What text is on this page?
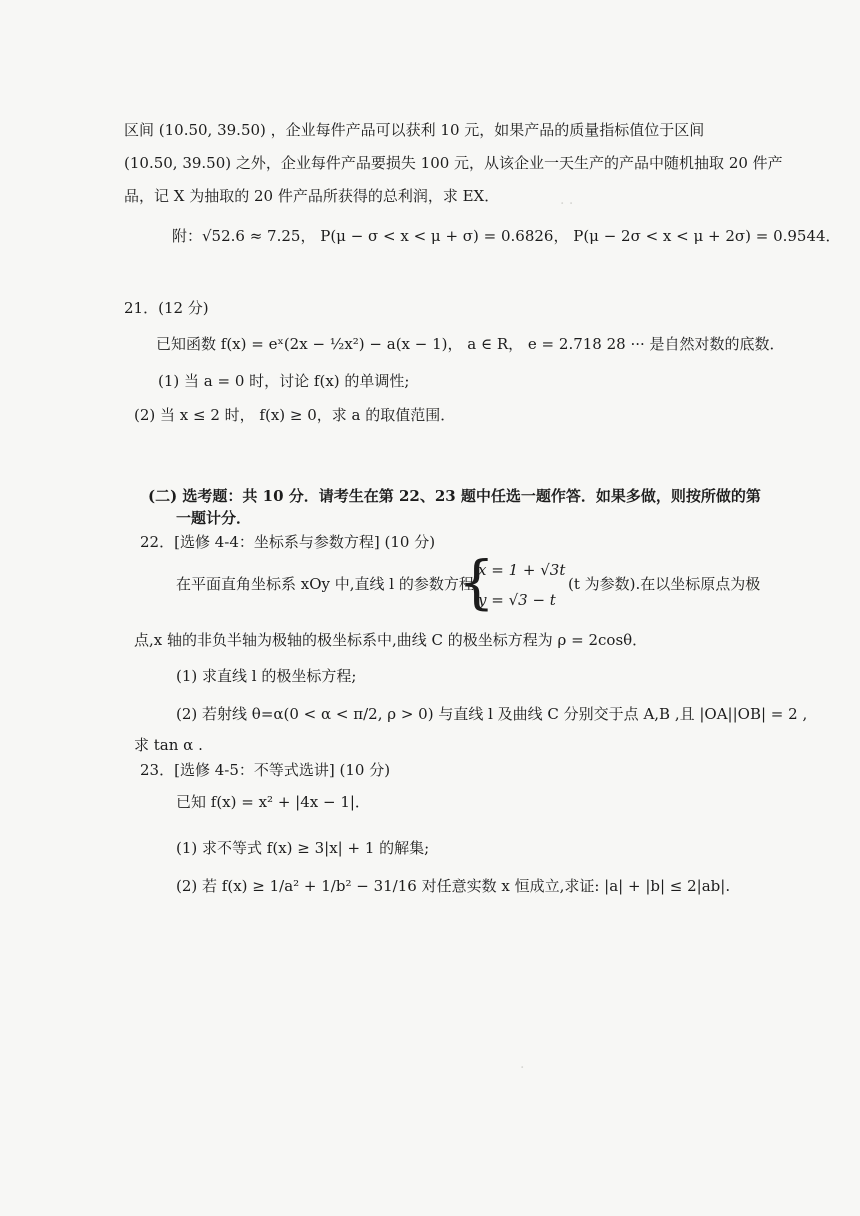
· ·
·
区间 (10.50, 39.50) ，企业每件产品可以获利 10 元，如果产品的质量指标值位于区间
(10.50, 39.50) 之外，企业每件产品要损失 100 元，从该企业一天生产的产品中随机抽取 20 件产
品，记 X 为抽取的 20 件产品所获得的总利润，求 EX．
附：√52.6 ≈ 7.25， P(μ − σ < x < μ + σ) = 0.6826， P(μ − 2σ < x < μ + 2σ) = 0.9544．
21．(12 分)
已知函数 f(x) = eˣ(2x − ½x²) − a(x − 1)， a ∈ R， e = 2.718 28 ··· 是自然对数的底数．
(1) 当 a = 0 时，讨论 f(x) 的单调性;
(2) 当 x ≤ 2 时， f(x) ≥ 0，求 a 的取值范围．
(二) 选考题：共 10 分．请考生在第 22、23 题中任选一题作答．如果多做，则按所做的第
一题计分．
22．[选修 4-4：坐标系与参数方程] (10 分)
在平面直角坐标系 xOy 中,直线 l 的参数方程
{
x = 1 + √3t
y = √3 − t
(t 为参数).在以坐标原点为极
点,x 轴的非负半轴为极轴的极坐标系中,曲线 C 的极坐标方程为 ρ = 2cosθ．
(1) 求直线 l 的极坐标方程;
(2) 若射线 θ=α(0 < α < π/2, ρ > 0) 与直线 l 及曲线 C 分别交于点 A,B ,且 |OA||OB| = 2 ,
求 tan α .
23．[选修 4-5：不等式选讲] (10 分)
已知 f(x) = x² + |4x − 1|．
(1) 求不等式 f(x) ≥ 3|x| + 1 的解集;
(2) 若 f(x) ≥ 1/a² + 1/b² − 31/16 对任意实数 x 恒成立,求证: |a| + |b| ≤ 2|ab|.
